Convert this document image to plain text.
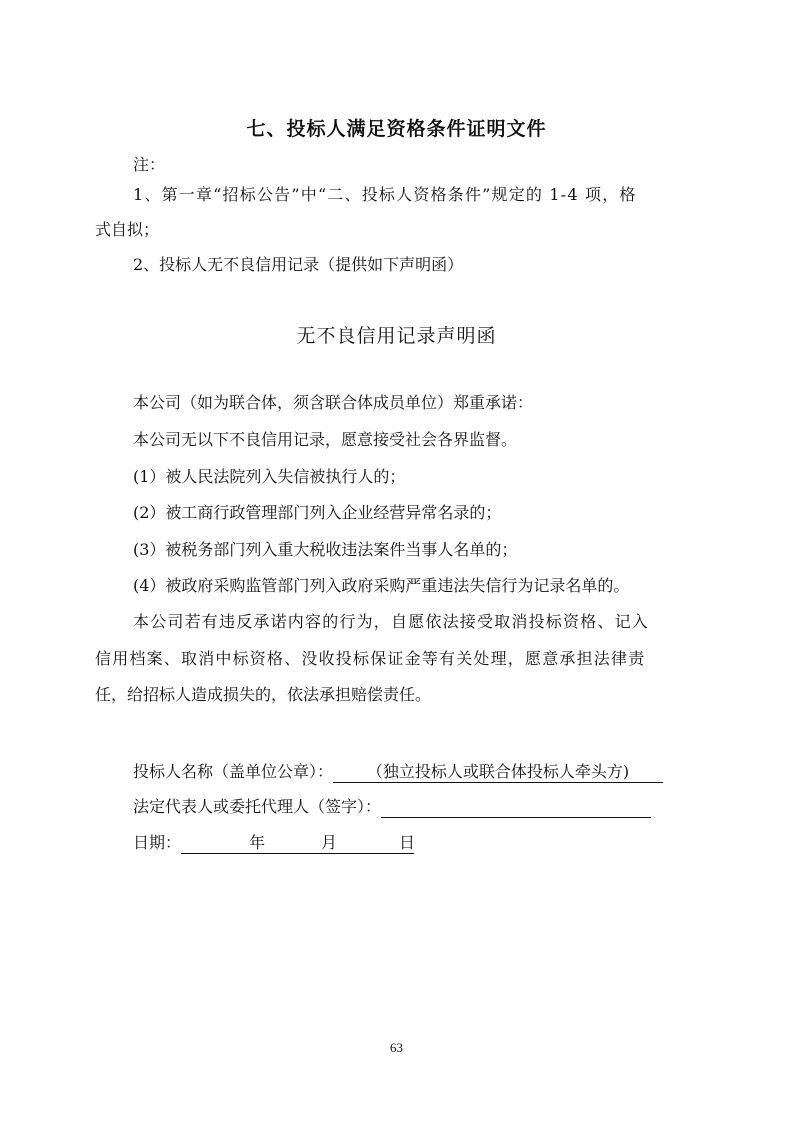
七、投标人满足资格条件证明文件
注：
1、第一章“招标公告”中“二、投标人资格条件”规定的 1-4 项，格
式自拟；
2、投标人无不良信用记录（提供如下声明函）
无不良信用记录声明函
本公司（如为联合体，须含联合体成员单位）郑重承诺：
本公司无以下不良信用记录，愿意接受社会各界监督。
(1）被人民法院列入失信被执行人的；
(2）被工商行政管理部门列入企业经营异常名录的；
(3）被税务部门列入重大税收违法案件当事人名单的；
(4）被政府采购监管部门列入政府采购严重违法失信行为记录名单的。
本公司若有违反承诺内容的行为，自愿依法接受取消投标资格、记入
信用档案、取消中标资格、没收投标保证金等有关处理，愿意承担法律责
任，给招标人造成损失的，依法承担赔偿责任。
投标人名称（盖单位公章）： （独立投标人或联合体投标人牵头方)
法定代表人或委托代理人（签字）：
日期：	年	月	日
63
